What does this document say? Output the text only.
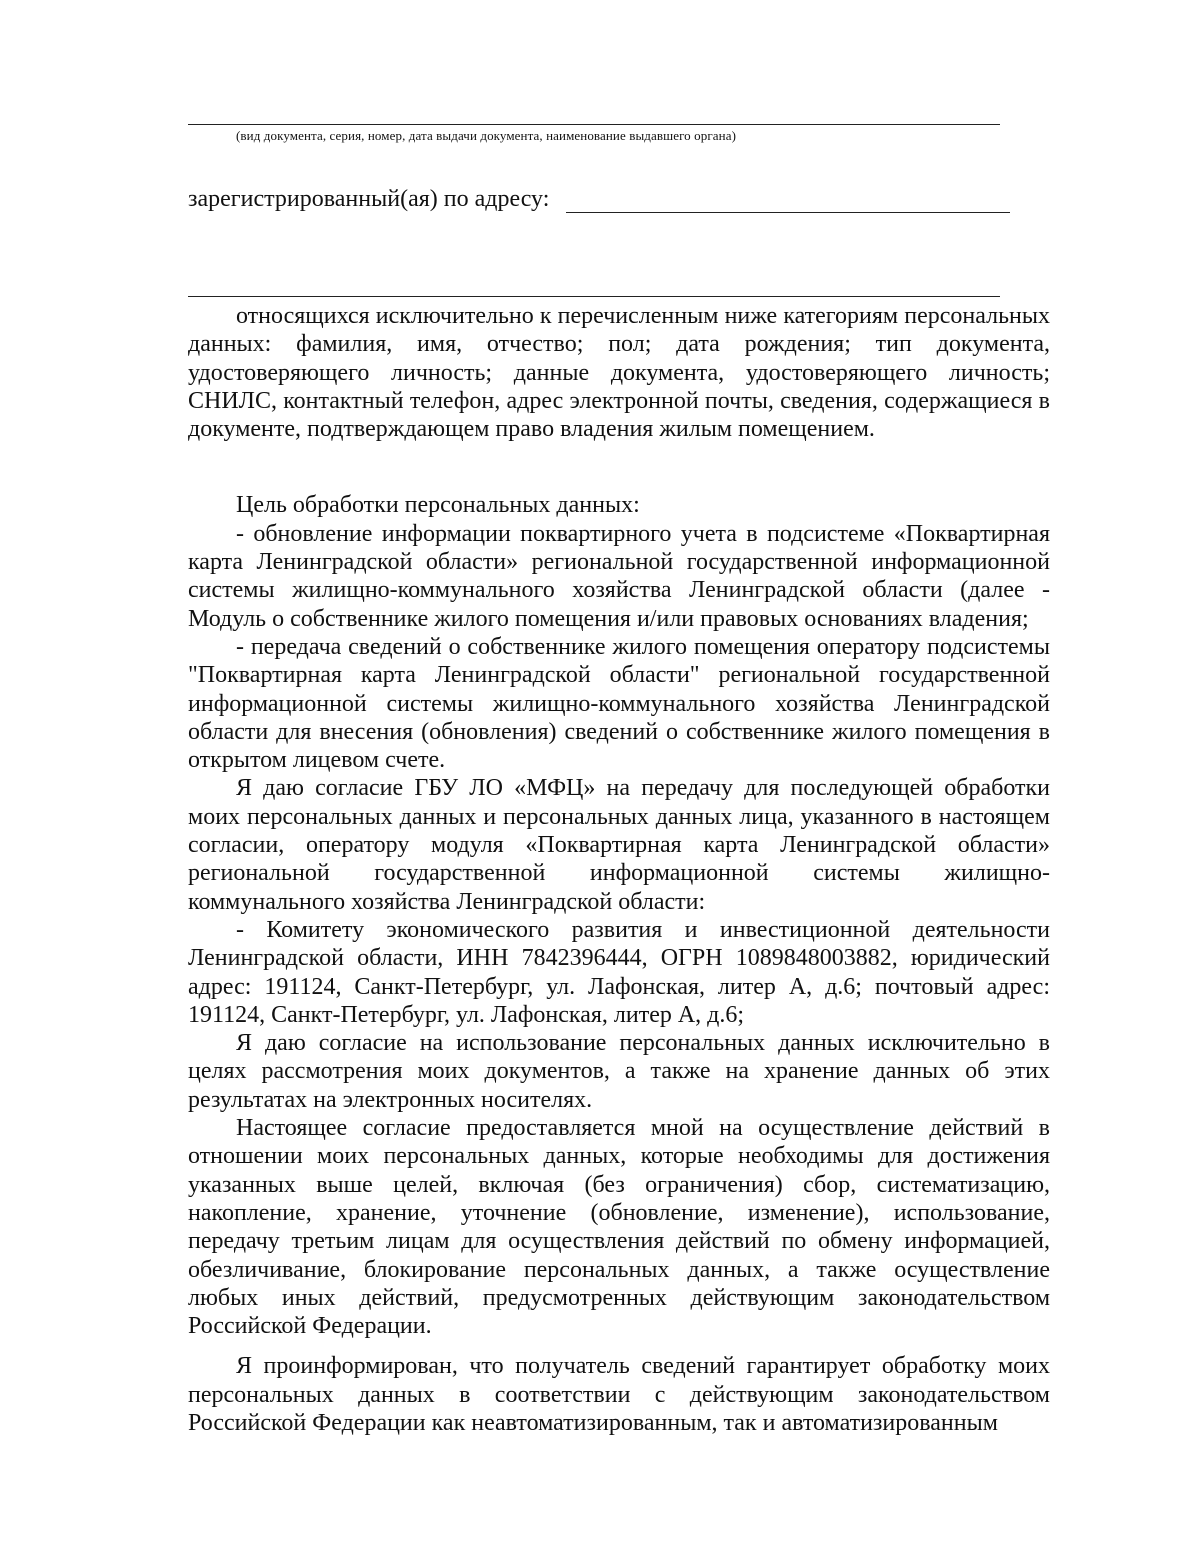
(вид документа, серия, номер, дата выдачи документа, наименование выдавшего органа)
зарегистрированный(ая) по адресу:

относящихся исключительно к перечисленным ниже категориям персональных данных: фамилия, имя, отчество; пол; дата рождения; тип документа, удостоверяющего личность; данные документа, удостоверяющего личность; СНИЛС, контактный телефон, адрес электронной почты, сведения, содержащиеся в документе, подтверждающем право владения жилым помещением.

Цель обработки персональных данных:

- обновление информации поквартирного учета в подсистеме «Поквартирная карта Ленинградской области» региональной государственной информационной системы жилищно-коммунального хозяйства Ленинградской области (далее - Модуль о собственнике жилого помещения и/или правовых основаниях владения;

- передача сведений о собственнике жилого помещения оператору подсистемы "Поквартирная карта Ленинградской области" региональной государственной информационной системы жилищно-коммунального хозяйства Ленинградской области для внесения (обновления) сведений о собственнике жилого помещения в открытом лицевом счете.

Я даю согласие ГБУ ЛО «МФЦ» на передачу для последующей обработки моих персональных данных и персональных данных лица, указанного в настоящем согласии, оператору модуля «Поквартирная карта Ленинградской области» региональной государственной информационной системы жилищно-коммунального хозяйства Ленинградской области:

- Комитету экономического развития и инвестиционной деятельности Ленинградской области, ИНН 7842396444, ОГРН 1089848003882, юридический адрес: 191124, Санкт-Петербург, ул. Лафонская, литер А, д.6; почтовый адрес: 191124, Санкт-Петербург, ул. Лафонская, литер А, д.6;

Я даю согласие на использование персональных данных исключительно в целях рассмотрения моих документов, а также на хранение данных об этих результатах на электронных носителях.

Настоящее согласие предоставляется мной на осуществление действий в отношении моих персональных данных, которые необходимы для достижения указанных выше целей, включая (без ограничения) сбор, систематизацию, накопление, хранение, уточнение (обновление, изменение), использование, передачу третьим лицам для осуществления действий по обмену информацией, обезличивание, блокирование персональных данных, а также осуществление любых иных действий, предусмотренных действующим законодательством Российской Федерации.

Я проинформирован, что получатель сведений гарантирует обработку моих персональных данных в соответствии с действующим законодательством Российской Федерации как неавтоматизированным, так и автоматизированным
